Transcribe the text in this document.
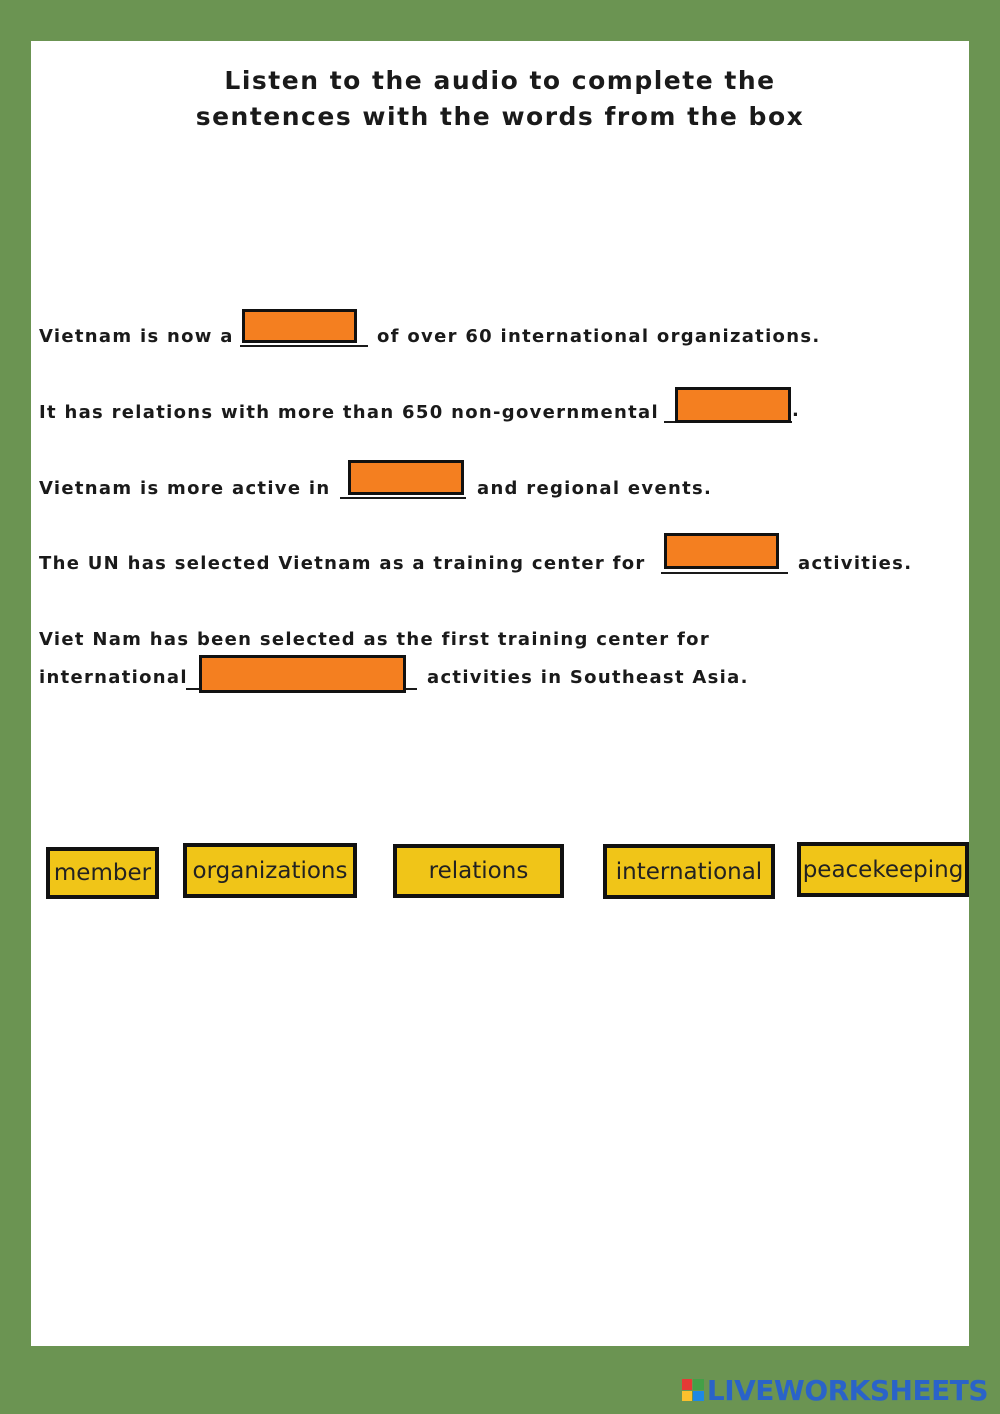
Listen to the audio to complete the
sentences with the words from the box

Vietnam is now a	of over 60 international organizations.

It has relations with more than 650 non-governmental	.

Vietnam is more active in	and regional events.

The UN has selected Vietnam as a training center for	activities.

Viet Nam has been selected as the first training center for

international	activities in Southeast Asia.

member	organizations	relations	international	peacekeeping
LIVEWORKSHEETS
